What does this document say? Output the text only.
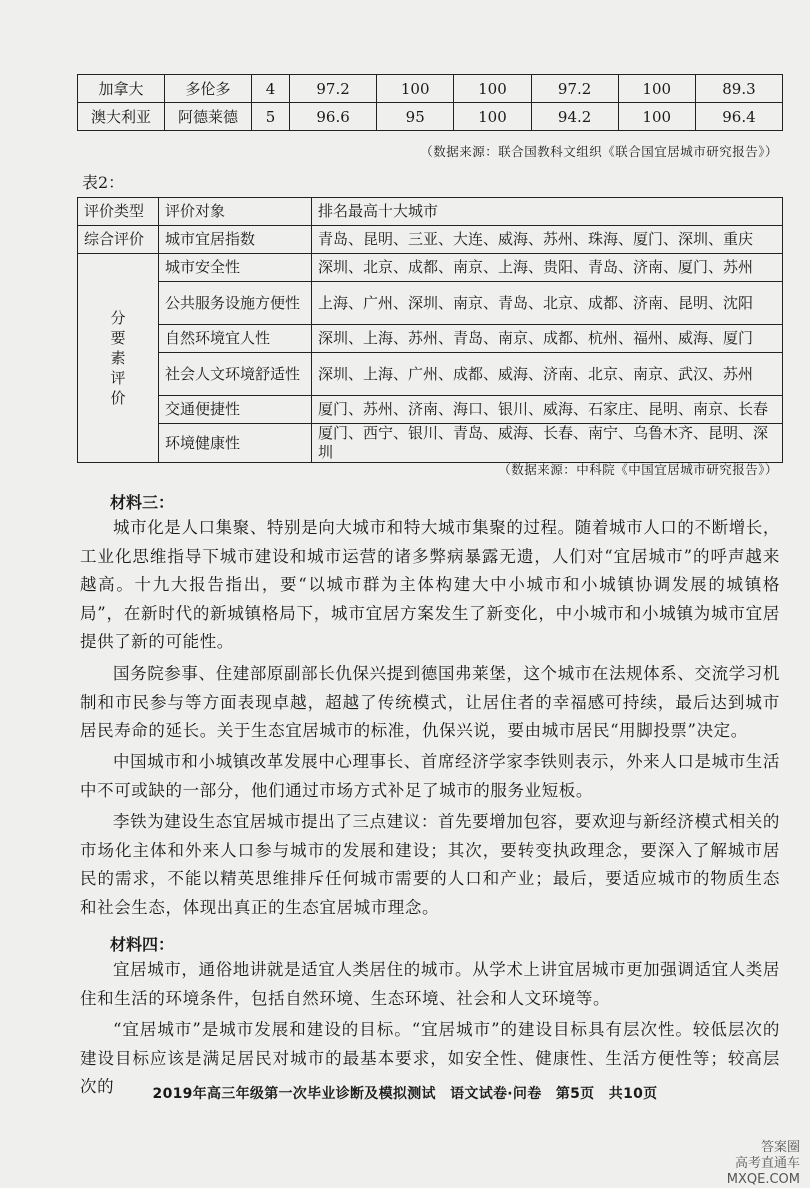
加拿大	多伦多	4	97.2	100	100	97.2	100	89.3
澳大利亚	阿德莱德	5	96.6	95	100	94.2	100	96.4
（数据来源：联合国教科文组织《联合国宜居城市研究报告》）
表2：
评价类型	评价对象	排名最高十大城市
综合评价	城市宜居指数	青岛、昆明、三亚、大连、威海、苏州、珠海、厦门、深圳、重庆

分
要
素
评
价	城市安全性	深圳、北京、成都、南京、上海、贵阳、青岛、济南、厦门、苏州
	公共服务设施方便性	上海、广州、深圳、南京、青岛、北京、成都、济南、昆明、沈阳
	自然环境宜人性	深圳、上海、苏州、青岛、南京、成都、杭州、福州、威海、厦门
	社会人文环境舒适性	深圳、上海、广州、成都、威海、济南、北京、南京、武汉、苏州
	交通便捷性	厦门、苏州、济南、海口、银川、威海、石家庄、昆明、南京、长春
	环境健康性	厦门、西宁、银川、青岛、威海、长春、南宁、乌鲁木齐、昆明、深圳
（数据来源：中科院《中国宜居城市研究报告》）
材料三：
城市化是人口集聚、特别是向大城市和特大城市集聚的过程。随着城市人口的不断增长，工业化思维指导下城市建设和城市运营的诸多弊病暴露无遗，人们对“宜居城市”的呼声越来越高。十九大报告指出，要“以城市群为主体构建大中小城市和小城镇协调发展的城镇格局”，在新时代的新城镇格局下，城市宜居方案发生了新变化，中小城市和小城镇为城市宜居提供了新的可能性。
国务院参事、住建部原副部长仇保兴提到德国弗莱堡，这个城市在法规体系、交流学习机制和市民参与等方面表现卓越，超越了传统模式，让居住者的幸福感可持续，最后达到城市居民寿命的延长。关于生态宜居城市的标准，仇保兴说，要由城市居民“用脚投票”决定。
中国城市和小城镇改革发展中心理事长、首席经济学家李铁则表示，外来人口是城市生活中不可或缺的一部分，他们通过市场方式补足了城市的服务业短板。
李铁为建设生态宜居城市提出了三点建议：首先要增加包容，要欢迎与新经济模式相关的市场化主体和外来人口参与城市的发展和建设；其次，要转变执政理念，要深入了解城市居民的需求，不能以精英思维排斥任何城市需要的人口和产业；最后，要适应城市的物质生态和社会生态，体现出真正的生态宜居城市理念。
材料四：
宜居城市，通俗地讲就是适宜人类居住的城市。从学术上讲宜居城市更加强调适宜人类居住和生活的环境条件，包括自然环境、生态环境、社会和人文环境等。
“宜居城市”是城市发展和建设的目标。“宜居城市”的建设目标具有层次性。较低层次的建设目标应该是满足居民对城市的最基本要求，如安全性、健康性、生活方便性等；较高层次的	2019年高三年级第一次毕业诊断及模拟测试　语文试卷·问卷　第5页　共10页
答案圈
高考直通车
MXQE.COM
